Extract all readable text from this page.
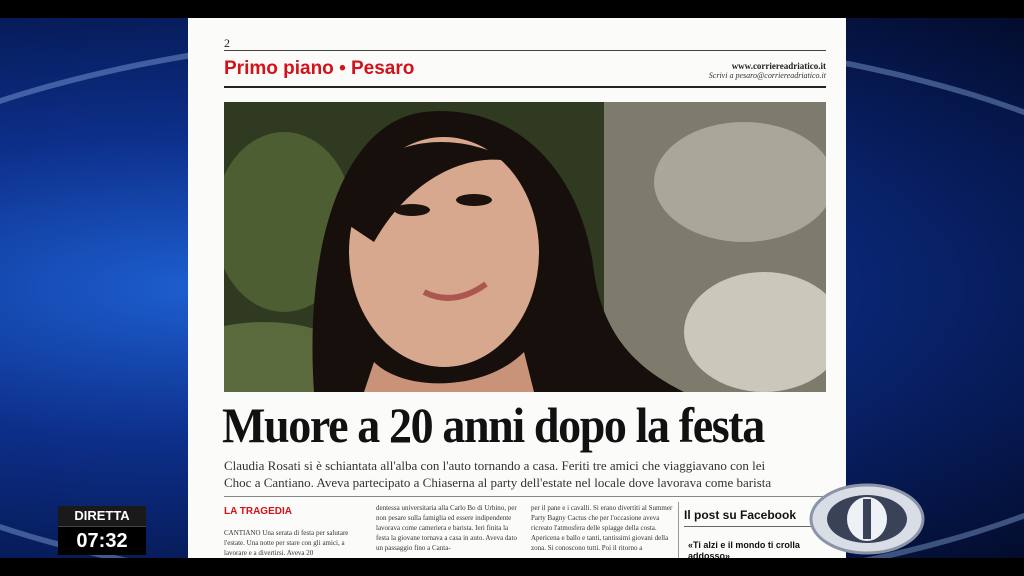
2
Primo piano • Pesaro	www.corriereadriatico.it
Scrivi a pesaro@corriereadriatico.it
Muore a 20 anni dopo la festa
Claudia Rosati si è schiantata all'alba con l'auto tornando a casa. Feriti tre amici che viaggiavano con lei
Choc a Cantiano. Aveva partecipato a Chiaserna al party dell'estate nel locale dove lavorava come barista
LA TRAGEDIA
CANTIANO Una serata di festa per salutare l'estate. Una notte per stare con gli amici, a lavorare e a divertirsi. Aveva 20
dentessa universitaria alla Carlo Bo di Urbino, per non pesare sulla famiglia ed essere indipendente lavorava come cameriera e barista. Ieri finita la festa la giovane tornava a casa in auto. Aveva dato un passaggio fino a Canta-
per il pane e i cavalli. Si erano divertiti al Summer Party Bagny Cactus che per l'occasione aveva ricreato l'atmosfera delle spiagge della costa. Apericena e ballo e tanti, tantissimi giovani della zona. Si conoscono tutti. Poi il ritorno a
Il post su Facebook
«Ti alzi e il mondo ti crolla addosso»
DIRETTA
07:32
